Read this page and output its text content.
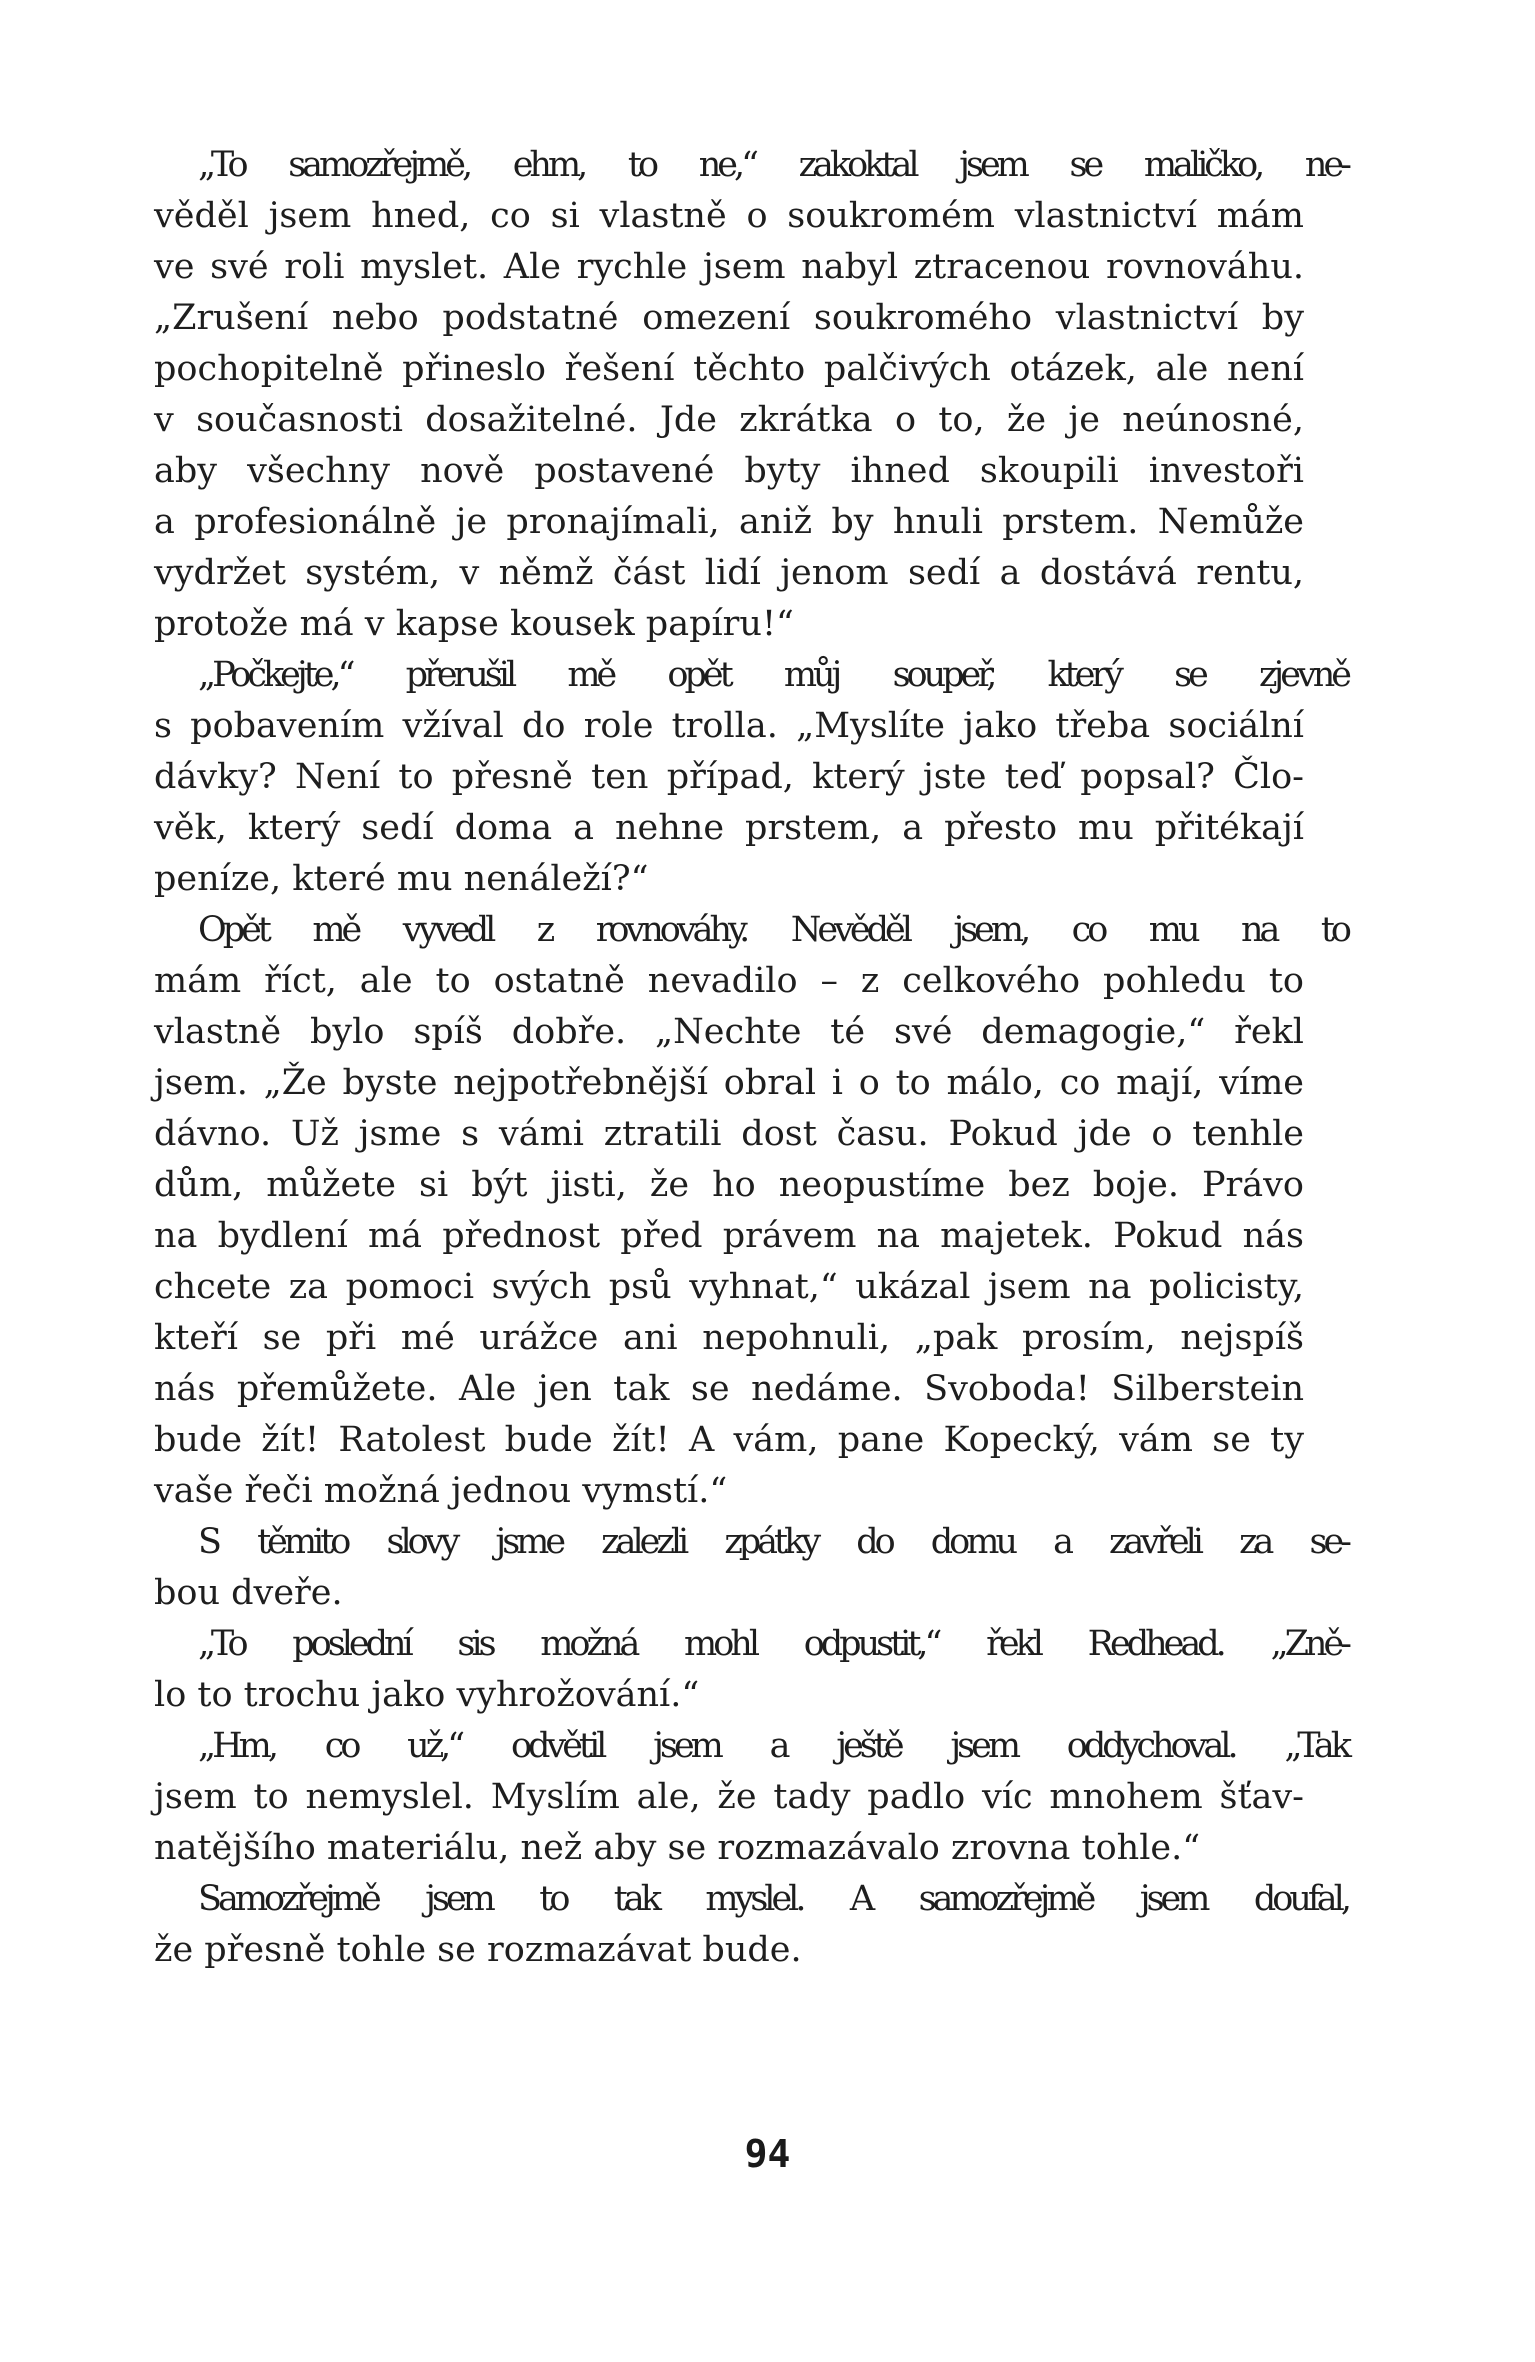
„To samozřejmě, ehm, to ne,“ zakoktal jsem se maličko, ne-
věděl jsem hned, co si vlastně o soukromém vlastnictví mám
ve své roli myslet. Ale rychle jsem nabyl ztracenou rovnováhu.
„Zrušení nebo podstatné omezení soukromého vlastnictví by
pochopitelně přineslo řešení těchto palčivých otázek, ale není
v současnosti dosažitelné. Jde zkrátka o to, že je neúnosné,
aby všechny nově postavené byty ihned skoupili investoři
a profesionálně je pronajímali, aniž by hnuli prstem. Nemůže
vydržet systém, v němž část lidí jenom sedí a dostává rentu,
protože má v kapse kousek papíru!“
„Počkejte,“ přerušil mě opět můj soupeř, který se zjevně
s pobavením vžíval do role trolla. „Myslíte jako třeba sociální
dávky? Není to přesně ten případ, který jste teď popsal? Člo-
věk, který sedí doma a nehne prstem, a přesto mu přitékají
peníze, které mu nenáleží?“
Opět mě vyvedl z rovnováhy. Nevěděl jsem, co mu na to
mám říct, ale to ostatně nevadilo – z celkového pohledu to
vlastně bylo spíš dobře. „Nechte té své demagogie,“ řekl
jsem. „Že byste nejpotřebnější obral i o to málo, co mají, víme
dávno. Už jsme s vámi ztratili dost času. Pokud jde o tenhle
dům, můžete si být jisti, že ho neopustíme bez boje. Právo
na bydlení má přednost před právem na majetek. Pokud nás
chcete za pomoci svých psů vyhnat,“ ukázal jsem na policisty,
kteří se při mé urážce ani nepohnuli, „pak prosím, nejspíš
nás přemůžete. Ale jen tak se nedáme. Svoboda! Silberstein
bude žít! Ratolest bude žít! A vám, pane Kopecký, vám se ty
vaše řeči možná jednou vymstí.“
S těmito slovy jsme zalezli zpátky do domu a zavřeli za se-
bou dveře.
„To poslední sis možná mohl odpustit,“ řekl Redhead. „Zně-
lo to trochu jako vyhrožování.“
„Hm, co už,“ odvětil jsem a ještě jsem oddychoval. „Tak
jsem to nemyslel. Myslím ale, že tady padlo víc mnohem šťav-
natějšího materiálu, než aby se rozmazávalo zrovna tohle.“
Samozřejmě jsem to tak myslel. A samozřejmě jsem doufal,
že přesně tohle se rozmazávat bude.
94
